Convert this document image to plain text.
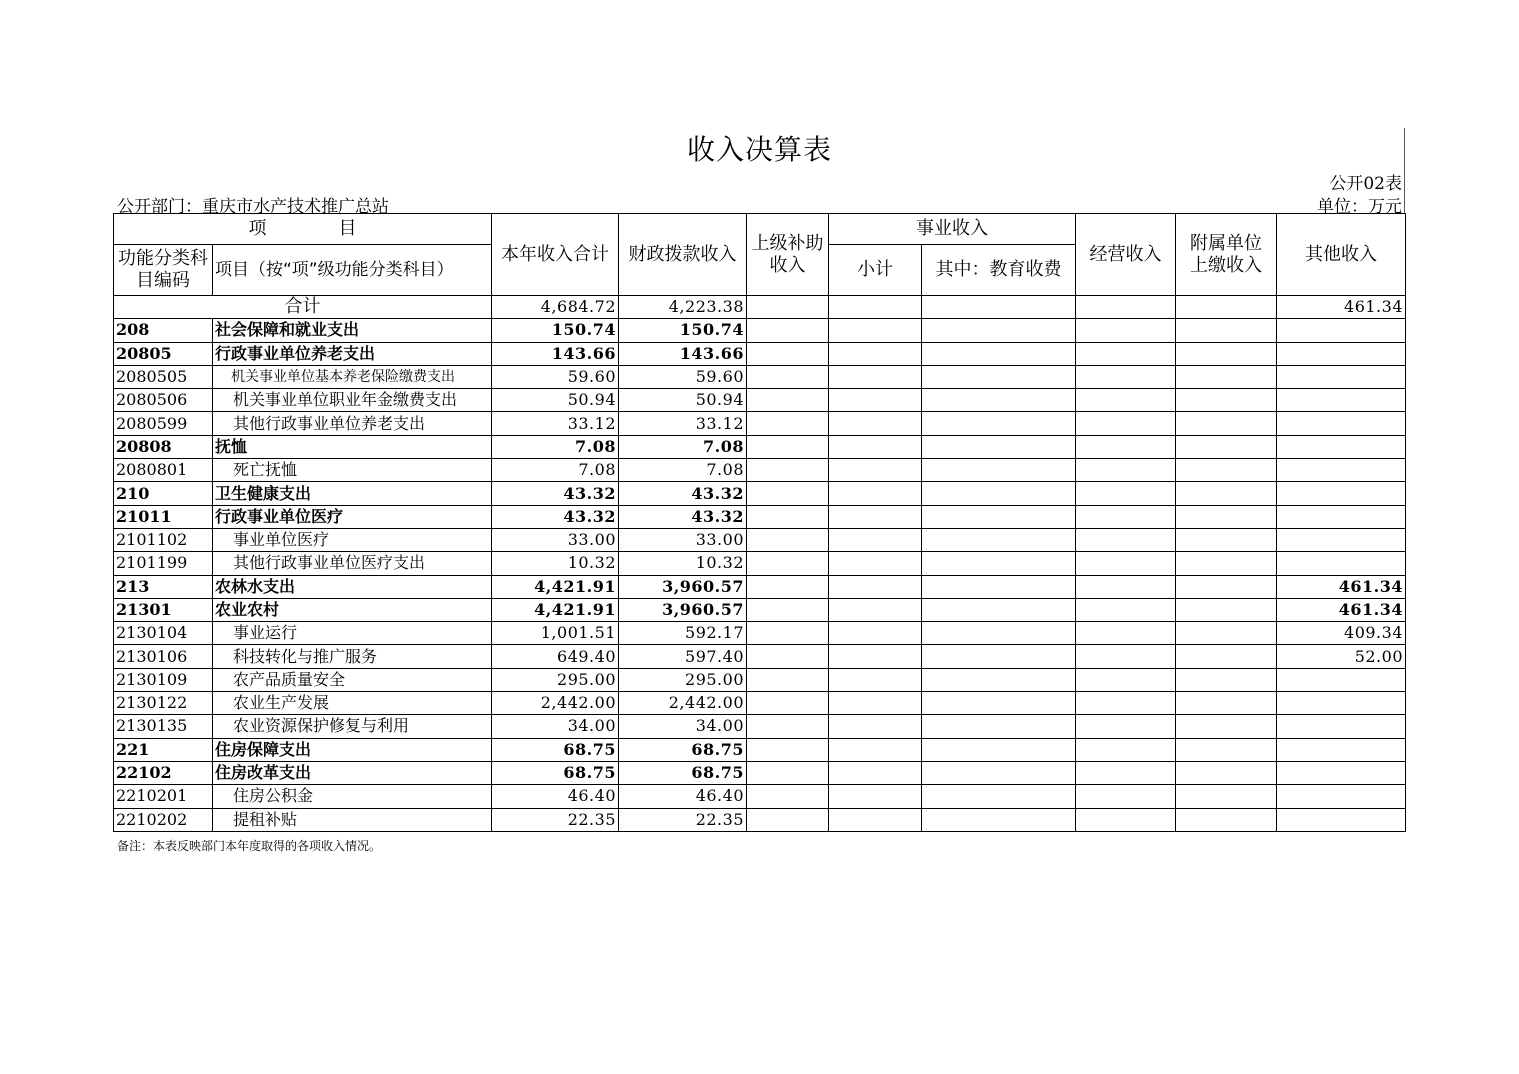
收入决算表
公开02表
公开部门：重庆市水产技术推广总站	单位：万元
项　　　　目		本年收入合计	财政拨款收入	上级补助收入	事业收入		经营收入	附属单位上缴收入	其他收入
功能分类科目编码	项目（按“项”级功能分类科目）				小计	其中：教育收费			
合计		4,684.72	4,223.38						461.34
208	社会保障和就业支出	150.74	150.74						
20805	行政事业单位养老支出	143.66	143.66						
2080505	机关事业单位基本养老保险缴费支出	59.60	59.60						
2080506	机关事业单位职业年金缴费支出	50.94	50.94						
2080599	其他行政事业单位养老支出	33.12	33.12						
20808	抚恤	7.08	7.08						
2080801	死亡抚恤	7.08	7.08						
210	卫生健康支出	43.32	43.32						
21011	行政事业单位医疗	43.32	43.32						
2101102	事业单位医疗	33.00	33.00						
2101199	其他行政事业单位医疗支出	10.32	10.32						
213	农林水支出	4,421.91	3,960.57						461.34
21301	农业农村	4,421.91	3,960.57						461.34
2130104	事业运行	1,001.51	592.17						409.34
2130106	科技转化与推广服务	649.40	597.40						52.00
2130109	农产品质量安全	295.00	295.00						
2130122	农业生产发展	2,442.00	2,442.00						
2130135	农业资源保护修复与利用	34.00	34.00						
221	住房保障支出	68.75	68.75						
22102	住房改革支出	68.75	68.75						
2210201	住房公积金	46.40	46.40						
2210202	提租补贴	22.35	22.35						
备注：本表反映部门本年度取得的各项收入情况。
